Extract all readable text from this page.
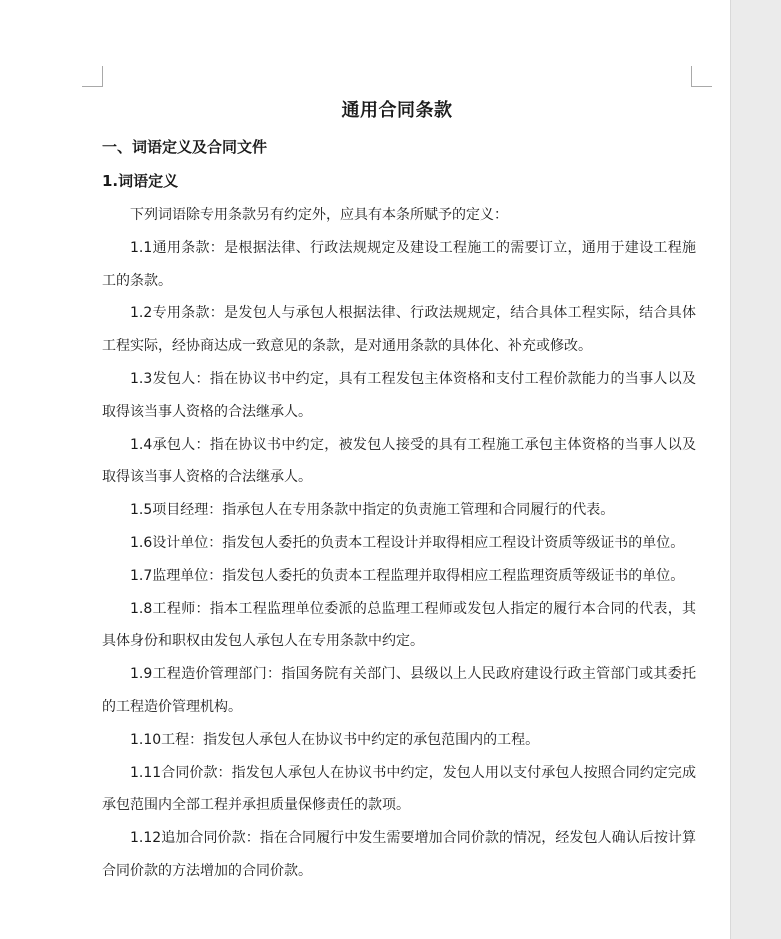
通用合同条款
一、词语定义及合同文件
1.词语定义

下列词语除专用条款另有约定外，应具有本条所赋予的定义：

1.1通用条款：是根据法律、行政法规规定及建设工程施工的需要订立，通用于建设工程施工的条款。

1.2专用条款：是发包人与承包人根据法律、行政法规规定，结合具体工程实际，结合具体工程实际，经协商达成一致意见的条款，是对通用条款的具体化、补充或修改。

1.3发包人：指在协议书中约定，具有工程发包主体资格和支付工程价款能力的当事人以及取得该当事人资格的合法继承人。

1.4承包人：指在协议书中约定，被发包人接受的具有工程施工承包主体资格的当事人以及取得该当事人资格的合法继承人。

1.5项目经理：指承包人在专用条款中指定的负责施工管理和合同履行的代表。

1.6设计单位：指发包人委托的负责本工程设计并取得相应工程设计资质等级证书的单位。

1.7监理单位：指发包人委托的负责本工程监理并取得相应工程监理资质等级证书的单位。

1.8工程师：指本工程监理单位委派的总监理工程师或发包人指定的履行本合同的代表，其具体身份和职权由发包人承包人在专用条款中约定。

1.9工程造价管理部门：指国务院有关部门、县级以上人民政府建设行政主管部门或其委托的工程造价管理机构。

1.10工程：指发包人承包人在协议书中约定的承包范围内的工程。

1.11合同价款：指发包人承包人在协议书中约定，发包人用以支付承包人按照合同约定完成承包范围内全部工程并承担质量保修责任的款项。

1.12追加合同价款：指在合同履行中发生需要增加合同价款的情况，经发包人确认后按计算合同价款的方法增加的合同价款。
